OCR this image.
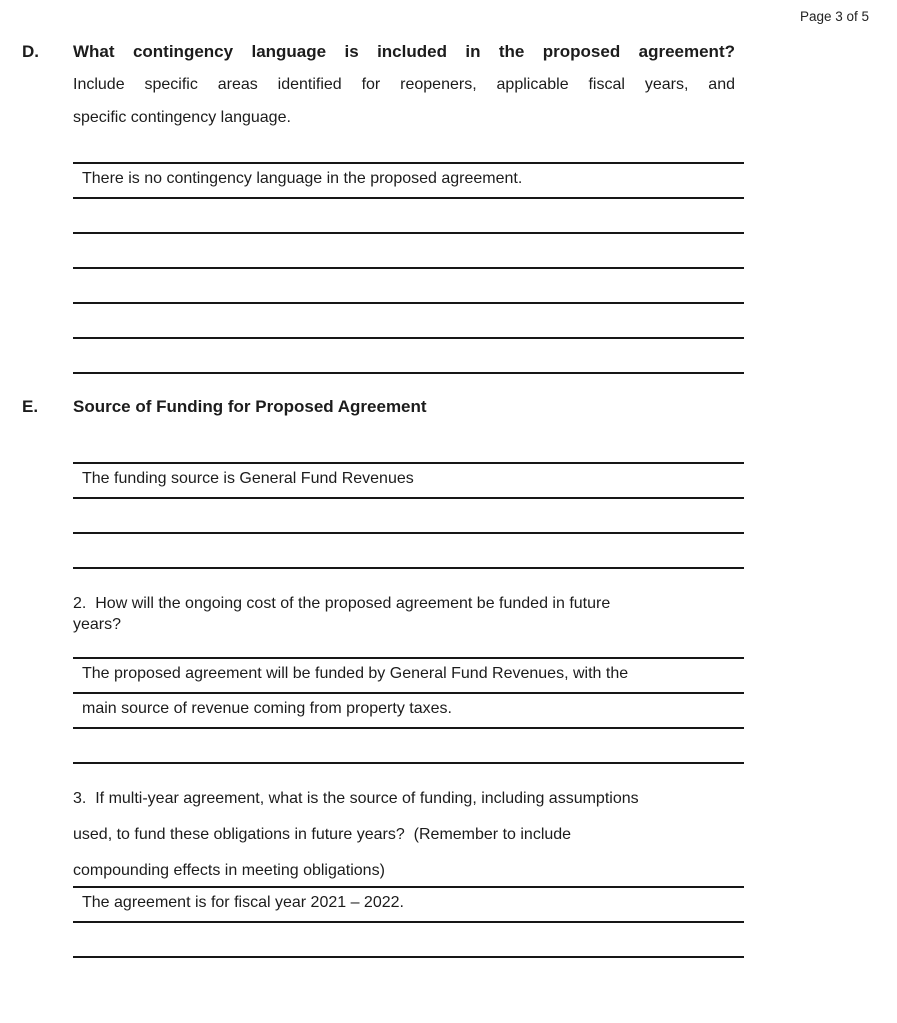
Page 3 of 5
D.	What contingency language is included in the proposed agreement?
Include specific areas identified for reopeners, applicable fiscal years, and
specific contingency language.
There is no contingency language in the proposed agreement.
E.	Source of Funding for Proposed Agreement
The funding source is General Fund Revenues
2.  How will the ongoing cost of the proposed agreement be funded in future
years?
The proposed agreement will be funded by General Fund Revenues, with the
main source of revenue coming from property taxes.
3.  If multi-year agreement, what is the source of funding, including assumptions
used, to fund these obligations in future years?  (Remember to include
compounding effects in meeting obligations)
The agreement is for fiscal year 2021 – 2022.
